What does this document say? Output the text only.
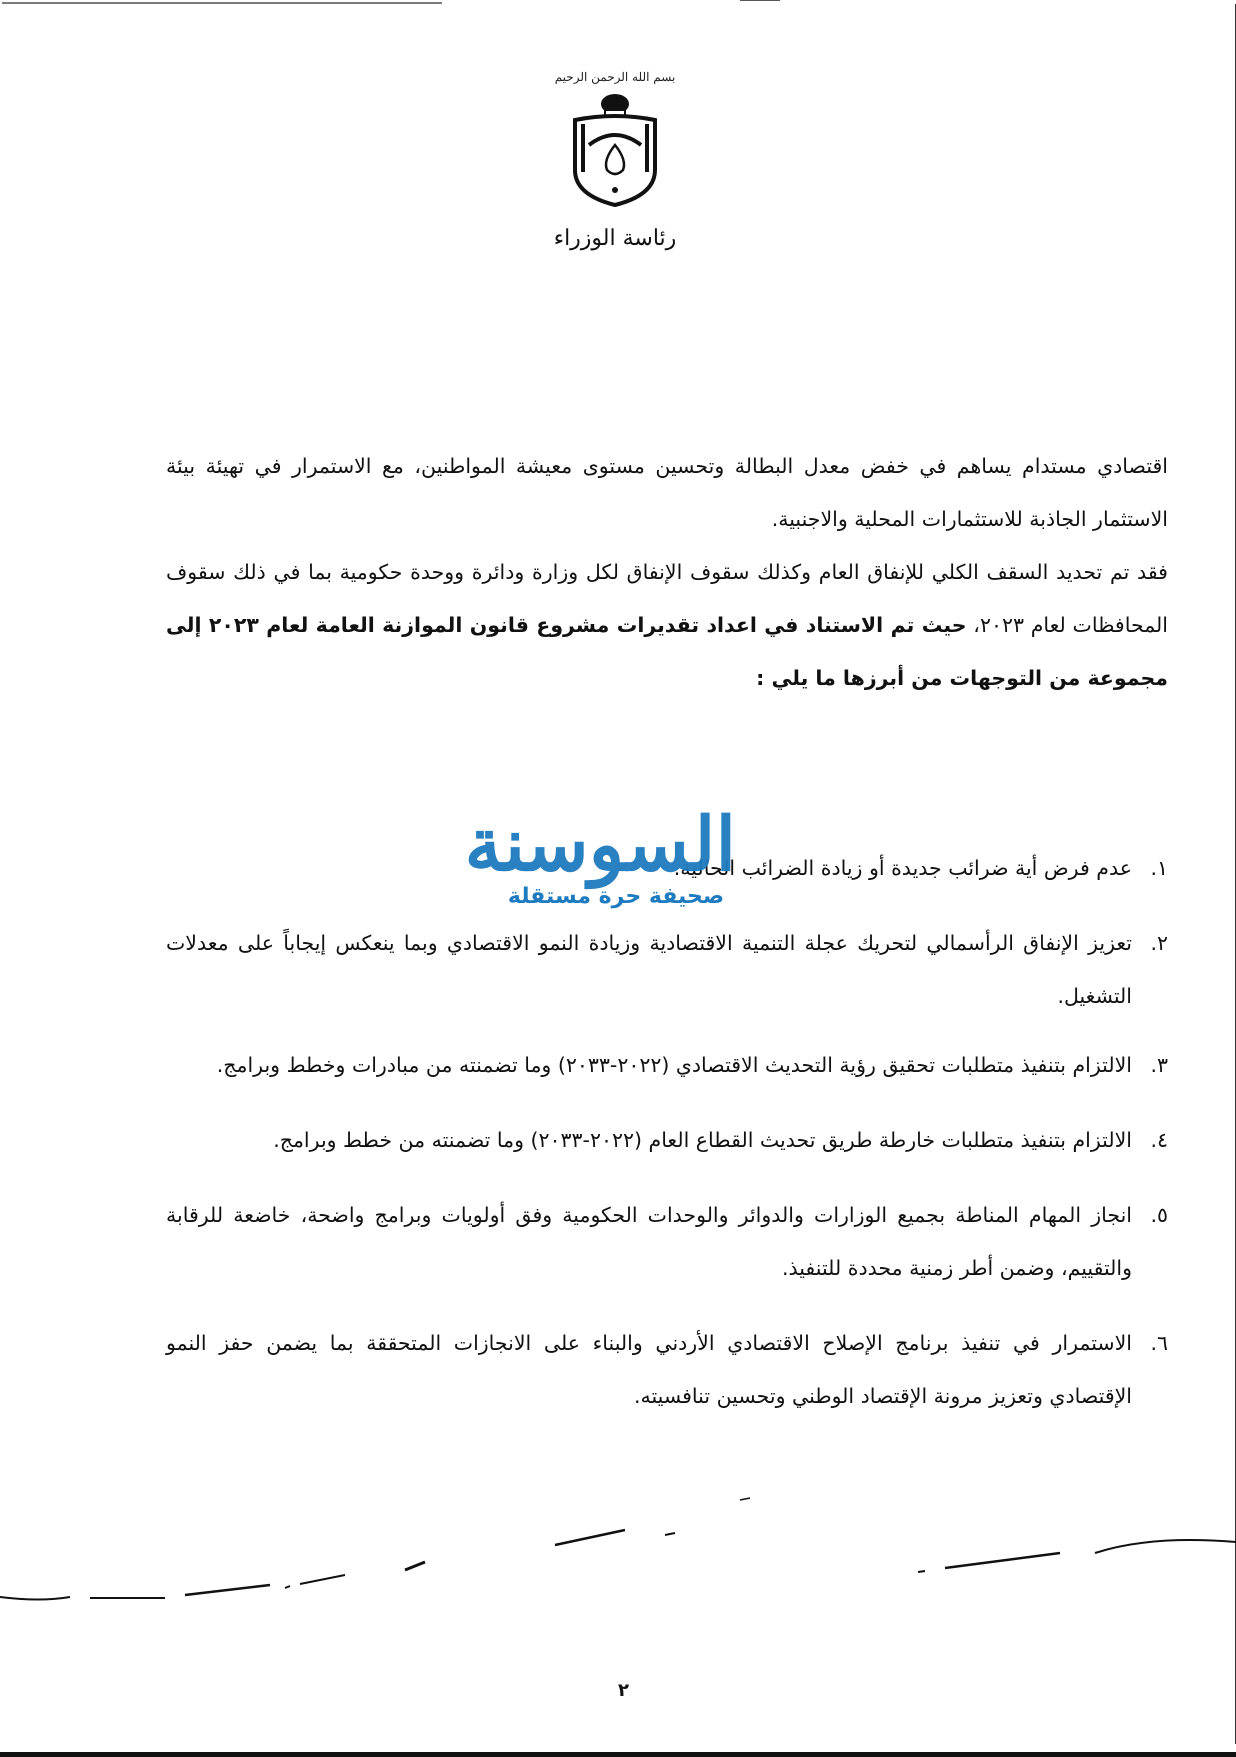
بسم الله الرحمن الرحيم
رئاسة الوزراء

اقتصادي مستدام يساهم في خفض معدل البطالة وتحسين مستوى معيشة المواطنين، مع الاستمرار في تهيئة بيئة الاستثمار الجاذبة للاستثمارات المحلية والاجنبية.

فقد تم تحديد السقف الكلي للإنفاق العام وكذلك سقوف الإنفاق لكل وزارة ودائرة ووحدة حكومية بما في ذلك سقوف المحافظات لعام ٢٠٢٣، حيث تم الاستناد في اعداد تقديرات مشروع قانون الموازنة العامة لعام ٢٠٢٣ إلى مجموعة من التوجهات من أبرزها ما يلي :

١.
عدم فرض أية ضرائب جديدة أو زيادة الضرائب الحالية.
٢.
تعزيز الإنفاق الرأسمالي لتحريك عجلة التنمية الاقتصادية وزيادة النمو الاقتصادي وبما ينعكس إيجاباً على معدلات التشغيل.
٣.
الالتزام بتنفيذ متطلبات تحقيق رؤية التحديث الاقتصادي (٢٠٢٢-٢٠٣٣) وما تضمنته من مبادرات وخطط وبرامج.
٤.
الالتزام بتنفيذ متطلبات خارطة طريق تحديث القطاع العام (٢٠٢٢-٢٠٣٣) وما تضمنته من خطط وبرامج.
٥.
انجاز المهام المناطة بجميع الوزارات والدوائر والوحدات الحكومية وفق أولويات وبرامج واضحة، خاضعة للرقابة والتقييم، وضمن أطر زمنية محددة للتنفيذ.
٦.
الاستمرار في تنفيذ برنامج الإصلاح الاقتصادي الأردني والبناء على الانجازات المتحققة بما يضمن حفز النمو الإقتصادي وتعزيز مرونة الإقتصاد الوطني وتحسين تنافسيته.
السوسنة
صحيفة حرة مستقلة
٢
